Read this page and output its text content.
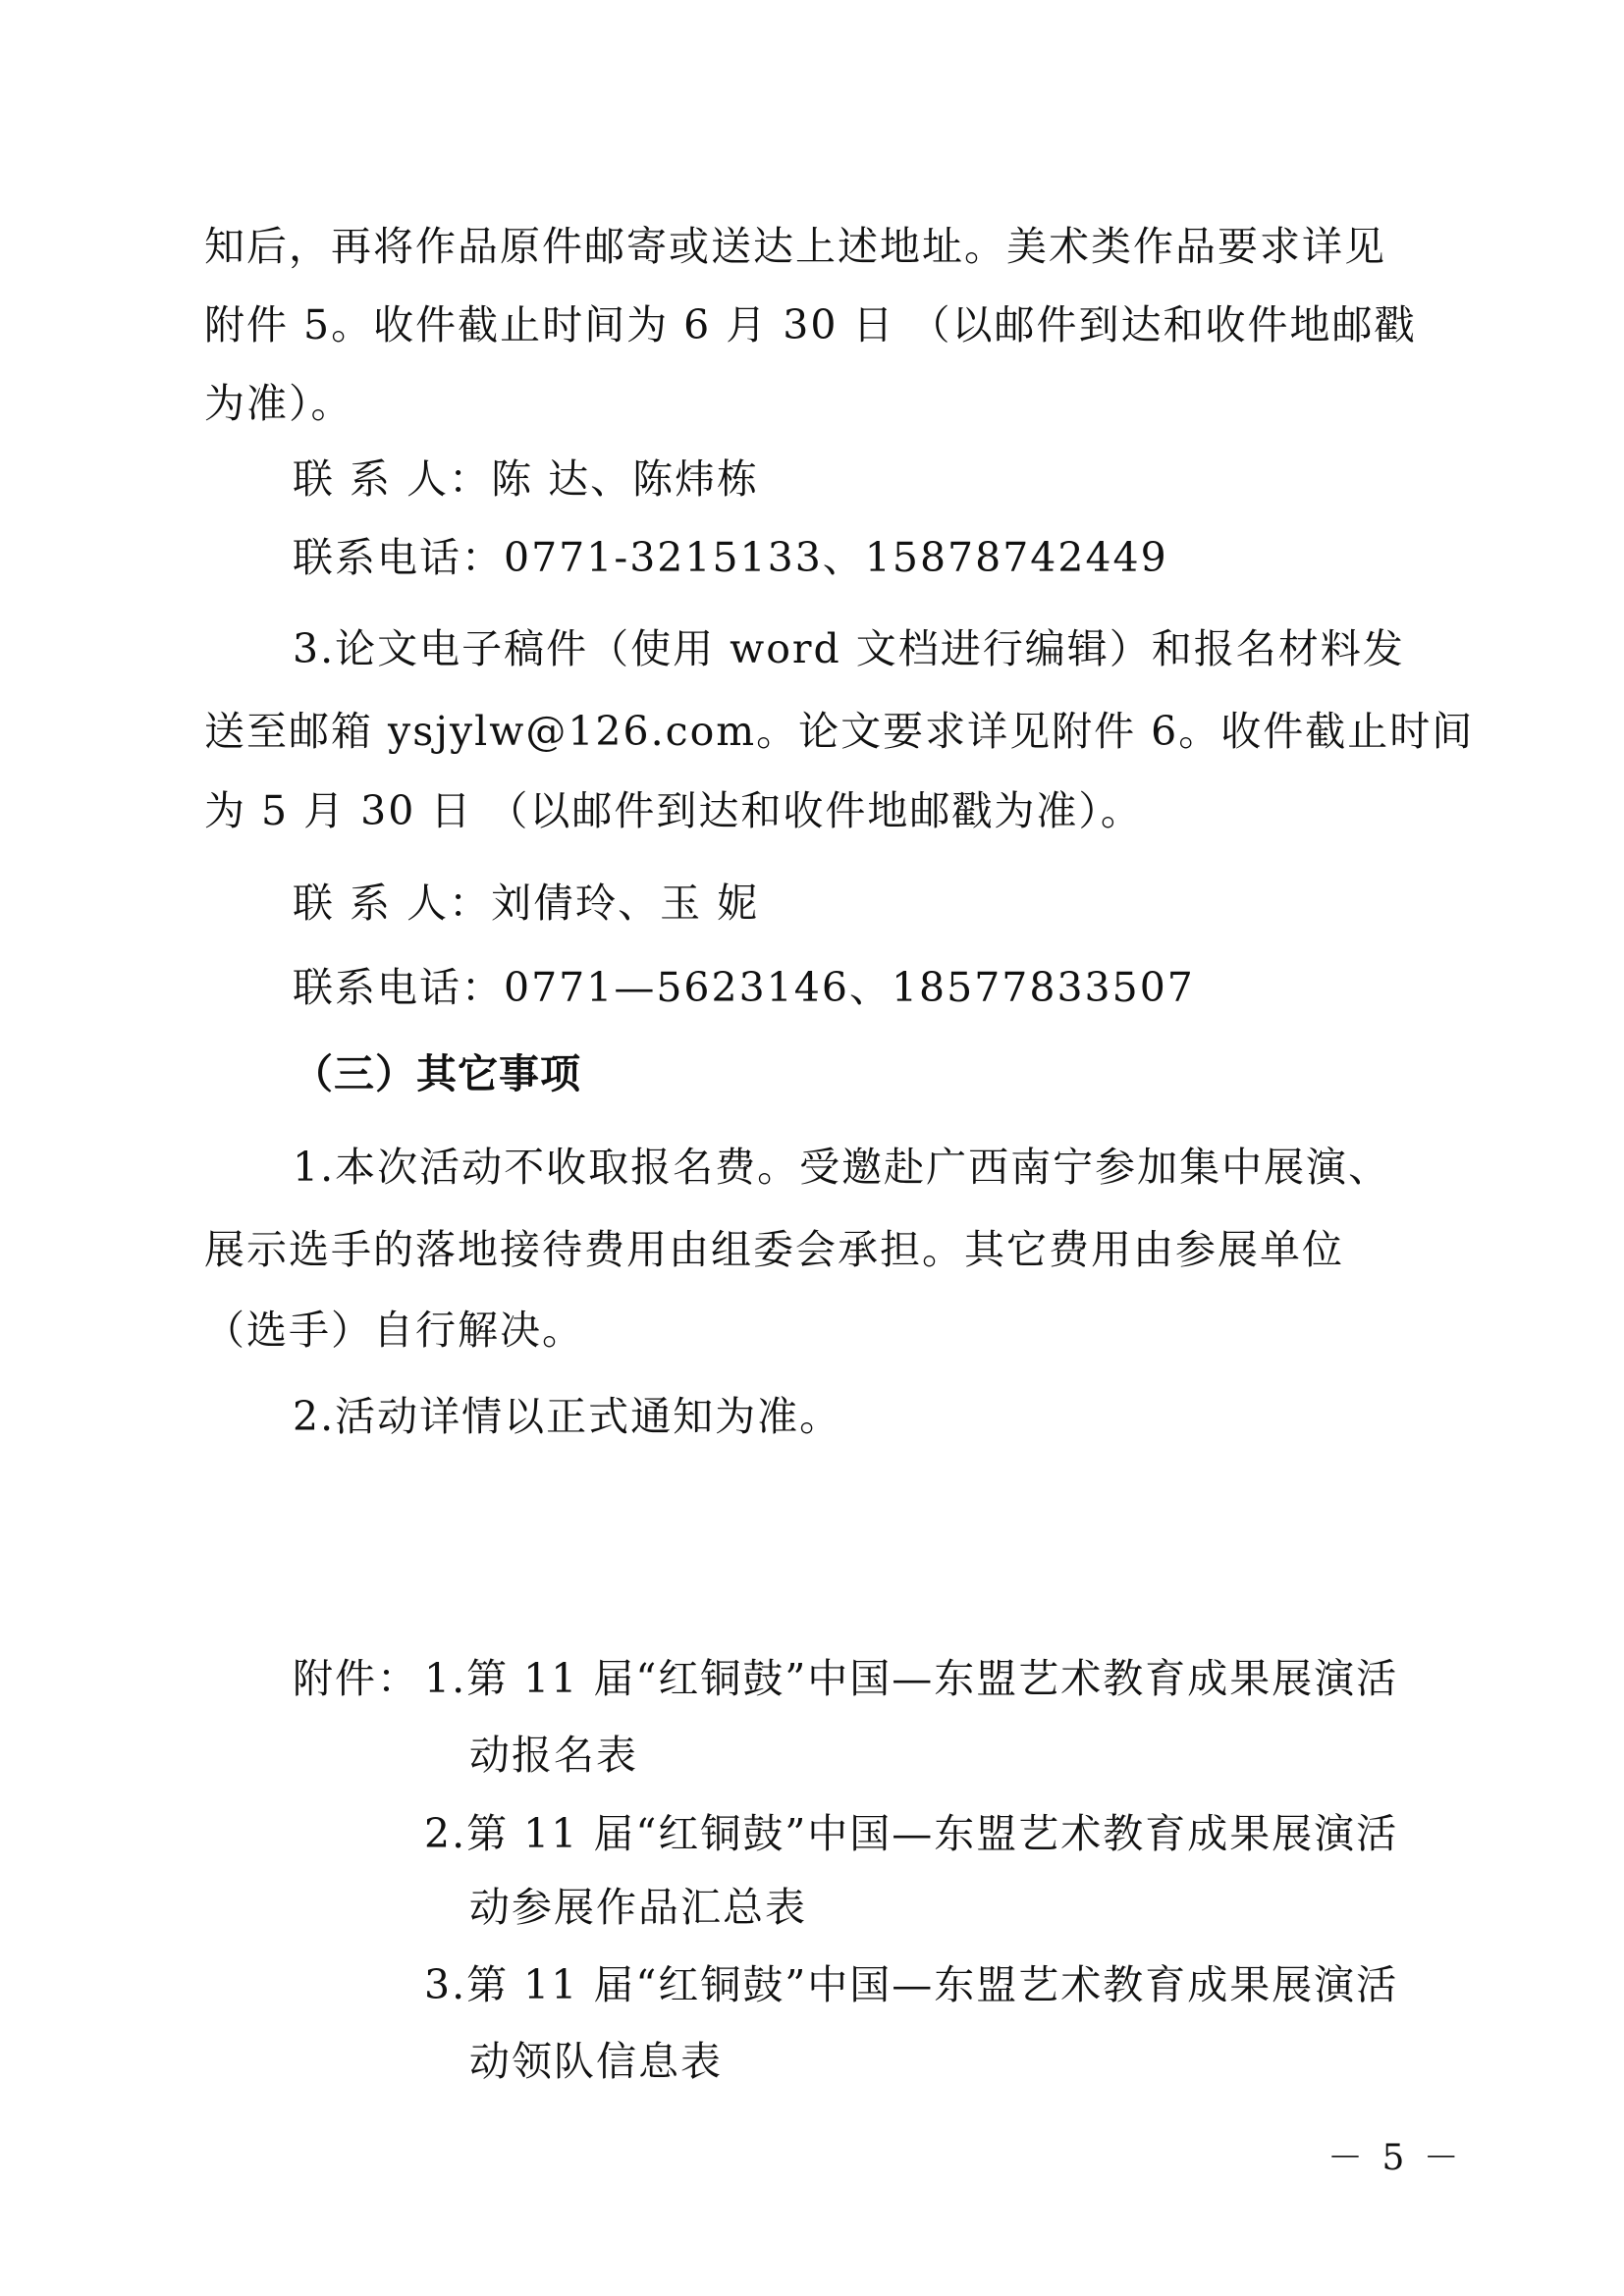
知后，再将作品原件邮寄或送达上述地址。美术类作品要求详见
附件 5。收件截止时间为 6 月 30 日 （以邮件到达和收件地邮戳
为准）。
联 系 人：陈 达、陈炜栋
联系电话：0771-3215133、15878742449
3.论文电子稿件（使用 word 文档进行编辑）和报名材料发
送至邮箱 ysjylw@126.com。论文要求详见附件 6。收件截止时间
为 5 月 30 日 （以邮件到达和收件地邮戳为准）。
联 系 人：刘倩玲、玉 妮
联系电话：0771—5623146、18577833507
（三）其它事项
1.本次活动不收取报名费。受邀赴广西南宁参加集中展演、
展示选手的落地接待费用由组委会承担。其它费用由参展单位
（选手）自行解决。
2.活动详情以正式通知为准。
附件： 1.第 11 届“红铜鼓”中国—东盟艺术教育成果展演活
动报名表
2.第 11 届“红铜鼓”中国—东盟艺术教育成果展演活
动参展作品汇总表
3.第 11 届“红铜鼓”中国—东盟艺术教育成果展演活
动领队信息表
－ 5 －
